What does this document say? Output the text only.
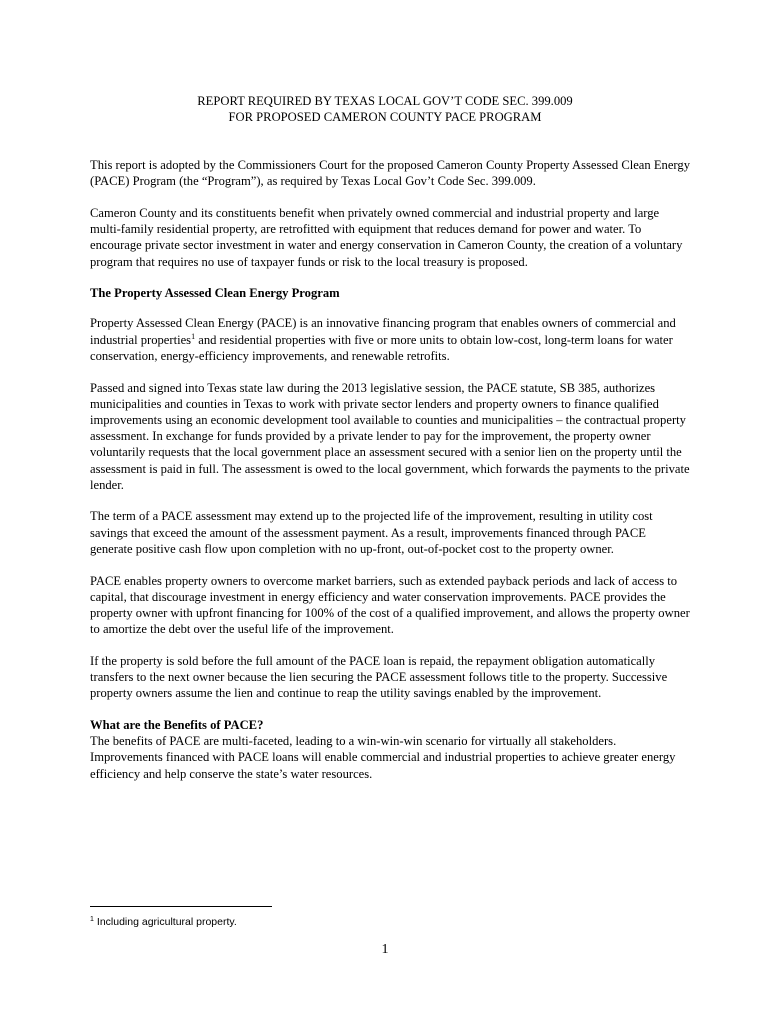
REPORT REQUIRED BY TEXAS LOCAL GOV’T CODE SEC. 399.009
FOR PROPOSED CAMERON COUNTY PACE PROGRAM

This report is adopted by the Commissioners Court for the proposed Cameron County Property Assessed Clean Energy (PACE) Program (the “Program”), as required by Texas Local Gov’t Code Sec. 399.009.

Cameron County and its constituents benefit when privately owned commercial and industrial property and large multi-family residential property, are retrofitted with equipment that reduces demand for power and water. To encourage private sector investment in water and energy conservation in Cameron County, the creation of a voluntary program that requires no use of taxpayer funds or risk to the local treasury is proposed.

The Property Assessed Clean Energy Program

Property Assessed Clean Energy (PACE) is an innovative financing program that enables owners of commercial and industrial properties$^1$ and residential properties with five or more units to obtain low-cost, long-term loans for water conservation, energy-efficiency improvements, and renewable retrofits.

Passed and signed into Texas state law during the 2013 legislative session, the PACE statute, SB 385, authorizes municipalities and counties in Texas to work with private sector lenders and property owners to finance qualified improvements using an economic development tool available to counties and municipalities – the contractual property assessment. In exchange for funds provided by a private lender to pay for the improvement, the property owner voluntarily requests that the local government place an assessment secured with a senior lien on the property until the assessment is paid in full. The assessment is owed to the local government, which forwards the payments to the private lender.

The term of a PACE assessment may extend up to the projected life of the improvement, resulting in utility cost savings that exceed the amount of the assessment payment. As a result, improvements financed through PACE generate positive cash flow upon completion with no up-front, out-of-pocket cost to the property owner.

PACE enables property owners to overcome market barriers, such as extended payback periods and lack of access to capital, that discourage investment in energy efficiency and water conservation improvements. PACE provides the property owner with upfront financing for 100% of the cost of a qualified improvement, and allows the property owner to amortize the debt over the useful life of the improvement.

If the property is sold before the full amount of the PACE loan is repaid, the repayment obligation automatically transfers to the next owner because the lien securing the PACE assessment follows title to the property. Successive property owners assume the lien and continue to reap the utility savings enabled by the improvement.

What are the Benefits of PACE?

The benefits of PACE are multi-faceted, leading to a win-win-win scenario for virtually all stakeholders. Improvements financed with PACE loans will enable commercial and industrial properties to achieve greater energy efficiency and help conserve the state’s water resources.

$^1$ Including agricultural property.
1
